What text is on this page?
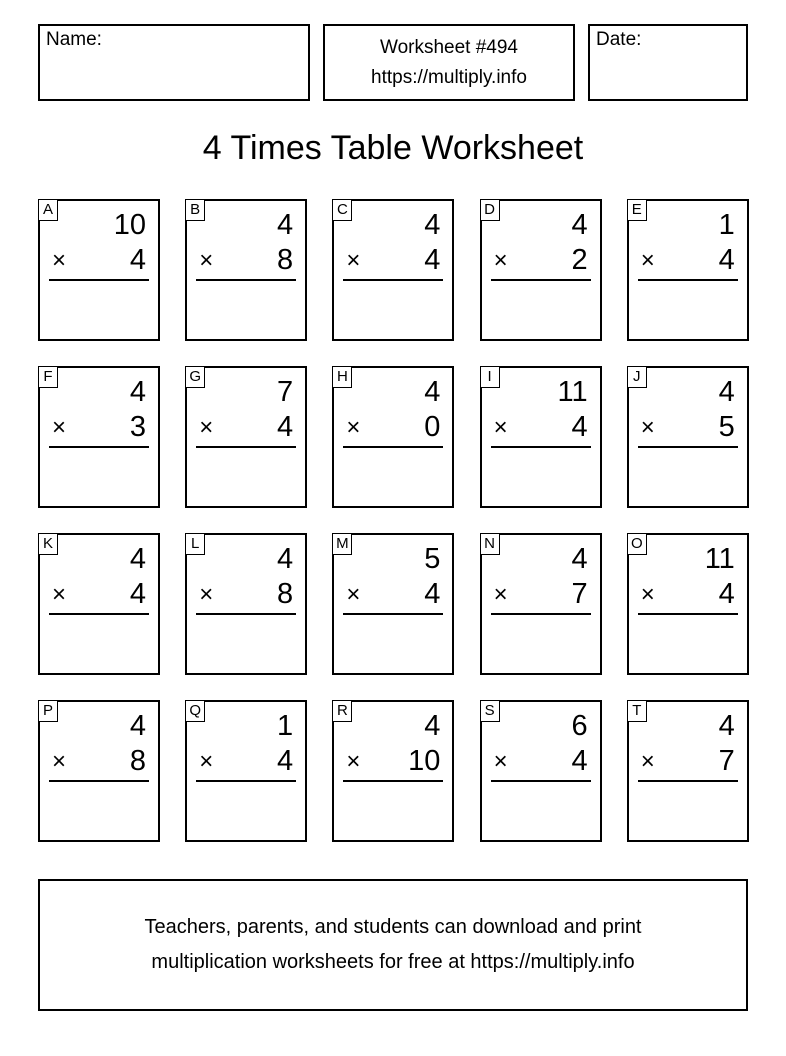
Name:	Worksheet #494
https://multiply.info
Date:
4 Times Table Worksheet
A 10
× 4
B	4
× 8
C	4
× 4
D	4
× 2
E	1
× 4
F	4
× 3
G	7
× 4
H	4
× 0
I 11
× 4
J	4
× 5
K	4
× 4
L	4
× 8
M	5
× 4
N	4
× 7
O 11
× 4
P	4
× 8
Q	1
× 4
R	4
× 10
S	6
× 4
T	4
× 7
Teachers, parents, and students can download and print
multiplication worksheets for free at https://multiply.info
